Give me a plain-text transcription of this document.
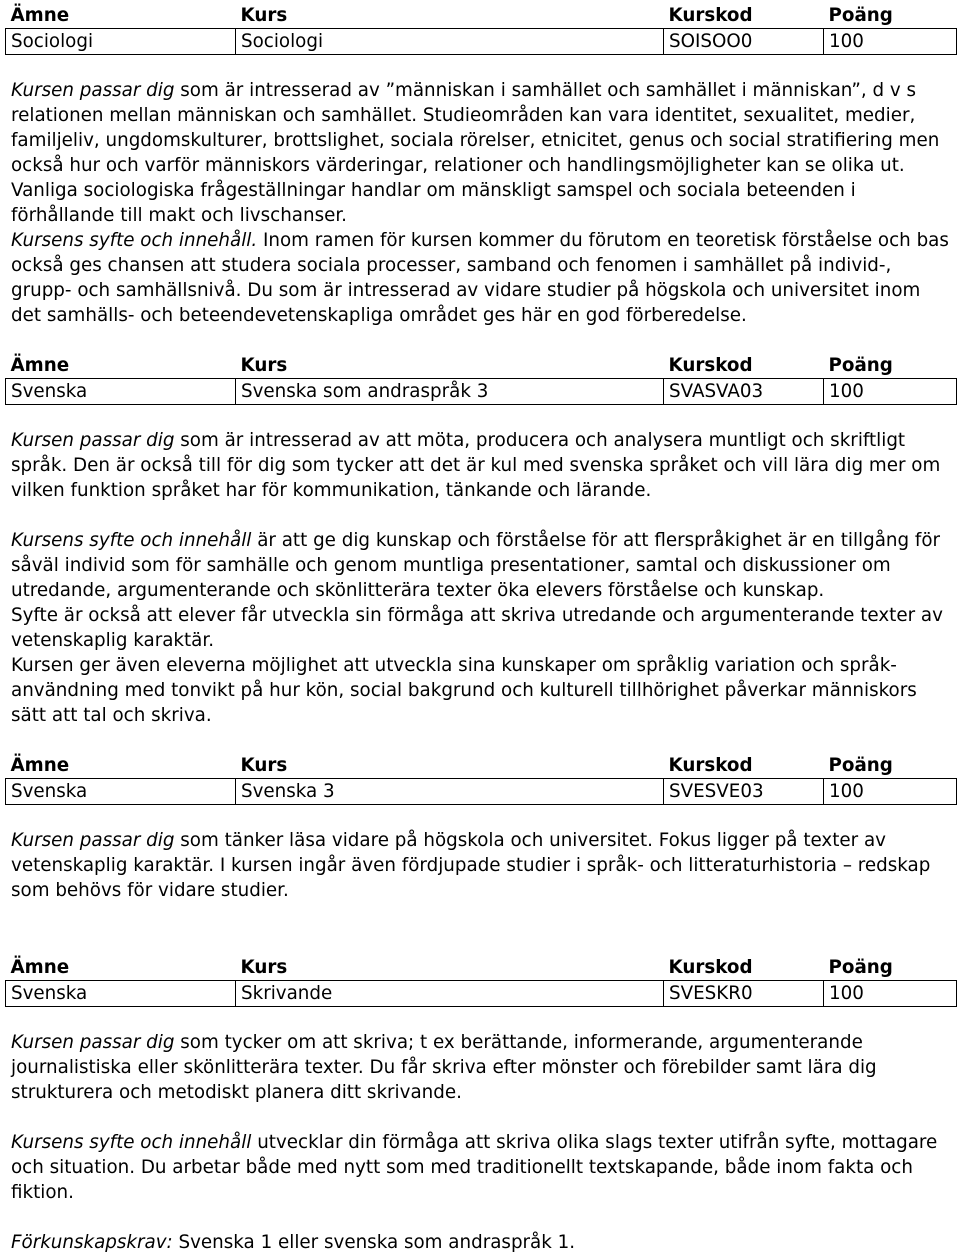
Ämne	Kurs	Kurskod	Poäng
Sociologi	Sociologi	SOISOO0	100

Kursen passar dig som är intresserad av ”människan i samhället och samhället i människan”, d v s relationen mellan människan och samhället. Studieområden kan vara identitet, sexualitet, medier, familjeliv, ungdomskulturer, brottslighet, sociala rörelser, etnicitet, genus och social stratifiering men också hur och varför människors värderingar, relationer och handlingsmöjligheter kan se olika ut. Vanliga sociologiska frågeställningar handlar om mänskligt samspel och sociala beteenden i förhållande till makt och livschanser.
Kursens syfte och innehåll. Inom ramen för kursen kommer du förutom en teoretisk förståelse och bas också ges chansen att studera sociala processer, samband och fenomen i samhället på individ-, grupp- och samhällsnivå. Du som är intresserad av vidare studier på högskola och universitet inom det samhälls- och beteendevetenskapliga området ges här en god förberedelse.

Ämne	Kurs	Kurskod	Poäng
Svenska	Svenska som andraspråk 3	SVASVA03	100

Kursen passar dig som är intresserad av att möta, producera och analysera muntligt och skriftligt språk. Den är också till för dig som tycker att det är kul med svenska språket och vill lära dig mer om vilken funktion språket har för kommunikation, tänkande och lärande.

Kursens syfte och innehåll är att ge dig kunskap och förståelse för att flerspråkighet är en tillgång för såväl individ som för samhälle och genom muntliga presentationer, samtal och diskussioner om utredande, argumenterande och skönlitterära texter öka elevers förståelse och kunskap.
Syfte är också att elever får utveckla sin förmåga att skriva utredande och argumenterande texter av vetenskaplig karaktär.
Kursen ger även eleverna möjlighet att utveckla sina kunskaper om språklig variation och språk-användning med tonvikt på hur kön, social bakgrund och kulturell tillhörighet påverkar människors sätt att tal och skriva.

Ämne	Kurs	Kurskod	Poäng
Svenska	Svenska 3	SVESVE03	100

Kursen passar dig som tänker läsa vidare på högskola och universitet. Fokus ligger på texter av vetenskaplig karaktär. I kursen ingår även fördjupade studier i språk- och litteraturhistoria – redskap som behövs för vidare studier.

Ämne	Kurs	Kurskod	Poäng
Svenska	Skrivande	SVESKR0	100

Kursen passar dig som tycker om att skriva; t ex berättande, informerande, argumenterande journalistiska eller skönlitterära texter. Du får skriva efter mönster och förebilder samt lära dig strukturera och metodiskt planera ditt skrivande.

Kursens syfte och innehåll utvecklar din förmåga att skriva olika slags texter utifrån syfte, mottagare och situation. Du arbetar både med nytt som med traditionellt textskapande, både inom fakta och fiktion.

Förkunskapskrav: Svenska 1 eller svenska som andraspråk 1.
